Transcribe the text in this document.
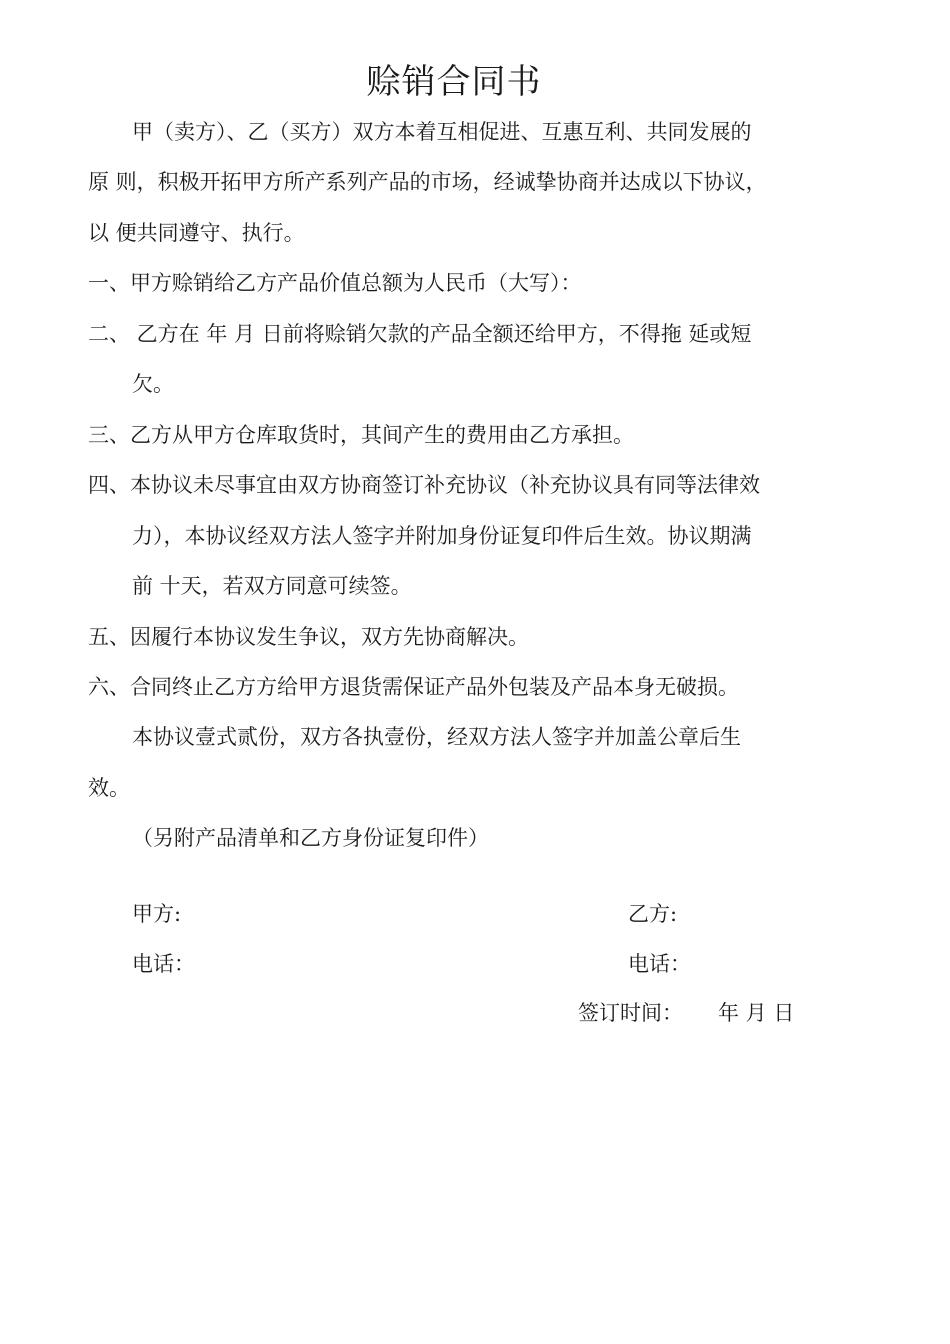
赊销合同书
甲（卖方）、乙（买方）双方本着互相促进、互惠互利、共同发展的
原 则，积极开拓甲方所产系列产品的市场，经诚挚协商并达成以下协议，
以 便共同遵守、执行。
一、甲方赊销给乙方产品价值总额为人民币（大写）：
二、 乙方在 年 月 日前将赊销欠款的产品全额还给甲方，不得拖 延或短
欠。
三、乙方从甲方仓库取货时，其间产生的费用由乙方承担。
四、本协议未尽事宜由双方协商签订补充协议（补充协议具有同等法律效
力），本协议经双方法人签字并附加身份证复印件后生效。协议期满
前 十天，若双方同意可续签。
五、因履行本协议发生争议，双方先协商解决。
六、合同终止乙方方给甲方退货需保证产品外包装及产品本身无破损。
本协议壹式贰份，双方各执壹份，经双方法人签字并加盖公章后生
效。
（另附产品清单和乙方身份证复印件）
甲方:	乙方:
电话：	电话：
签订时间： 年 月 日
